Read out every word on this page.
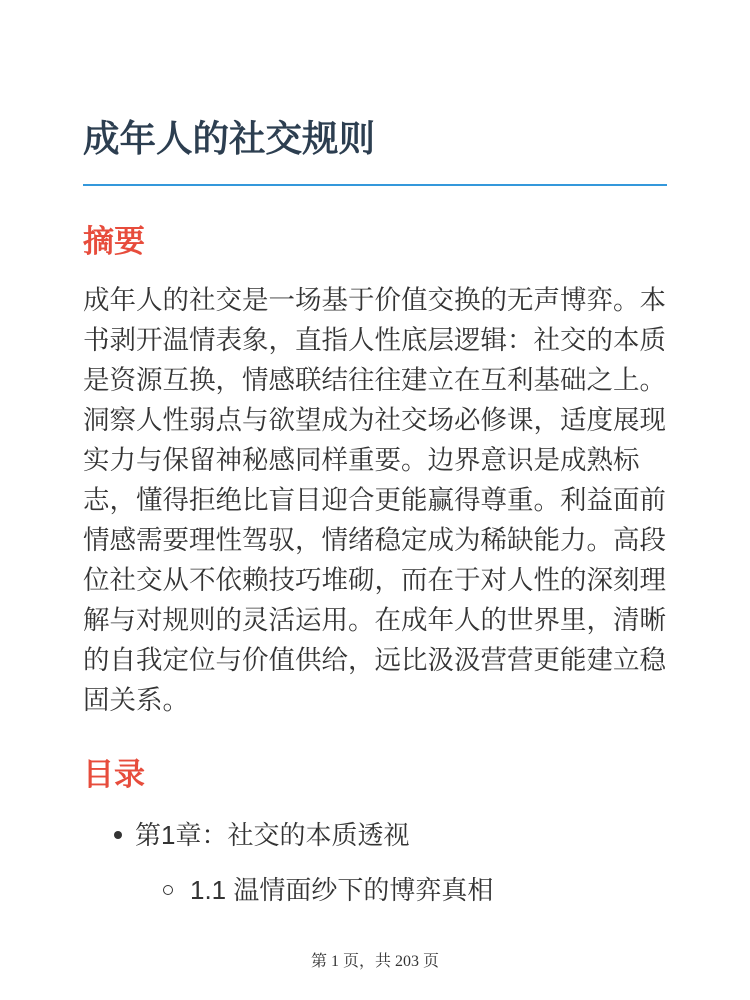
成年人的社交规则
摘要

成年人的社交是一场基于价值交换的无声博弈。本书剥开温情表象，直指人性底层逻辑：社交的本质是资源互换，情感联结往往建立在互利基础之上。洞察人性弱点与欲望成为社交场必修课，适度展现实力与保留神秘感同样重要。边界意识是成熟标志，懂得拒绝比盲目迎合更能赢得尊重。利益面前情感需要理性驾驭，情绪稳定成为稀缺能力。高段位社交从不依赖技巧堆砌，而在于对人性的深刻理解与对规则的灵活运用。在成年人的世界里，清晰的自我定位与价值供给，远比汲汲营营更能建立稳固关系。

目录

第1章：社交的本质透视

1.1 温情面纱下的博弈真相

第 1 页，共 203 页
